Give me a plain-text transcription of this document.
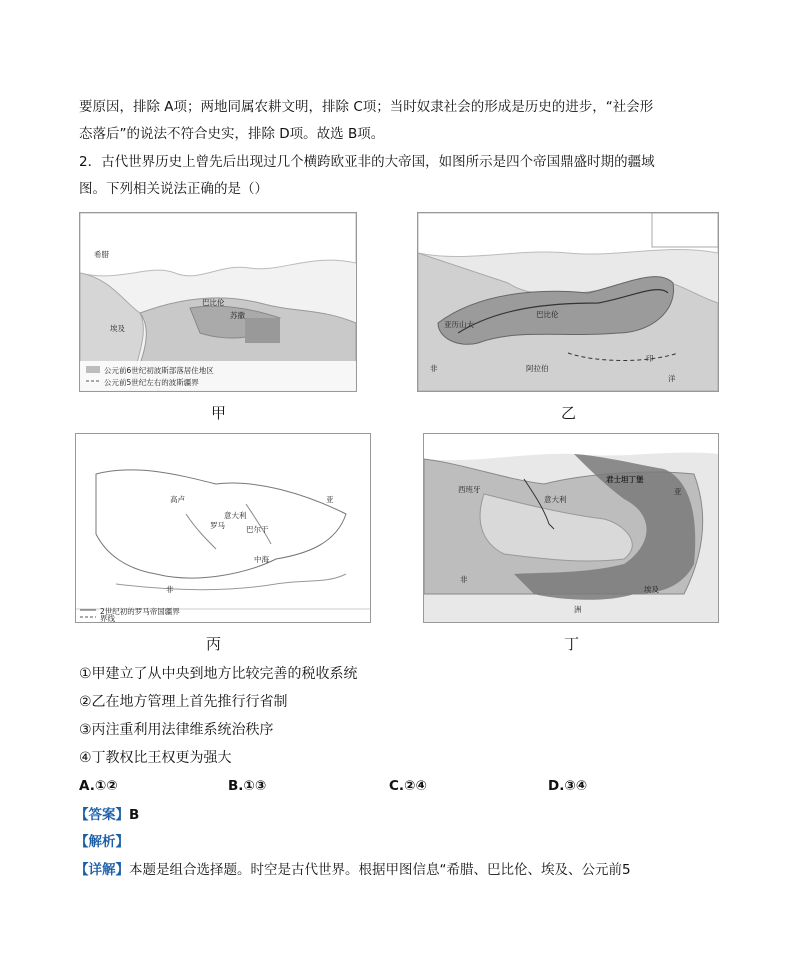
要原因，排除 A项；两地同属农耕文明，排除 C项；当时奴隶社会的形成是历史的进步，“社会形
态落后”的说法不符合史实，排除 D项。故选 B项。
2．古代世界历史上曾先后出现过几个横跨欧亚非的大帝国，如图所示是四个帝国鼎盛时期的疆域
图。下列相关说法正确的是（）
希腊
巴比伦
苏撒
埃及
公元前6世纪初波斯部落居住地区
公元前5世纪左右的波斯疆界
甲
亚历山大
巴比伦
阿拉伯
非
印
洋
乙
高卢
罗马
意大利
中海
巴尔干
非
亚
2世纪初的罗马帝国疆界
界线
丙
君士坦丁堡
西班牙
意大利
埃及
非
亚
洲
丁
①甲建立了从中央到地方比较完善的税收系统
②乙在地方管理上首先推行行省制
③丙注重利用法律维系统治秩序
④丁教权比王权更为强大
A.①②	B.①③	C.②④	D.③④
【答案】B
【解析】
【详解】本题是组合选择题。时空是古代世界。根据甲图信息“希腊、巴比伦、埃及、公元前5
